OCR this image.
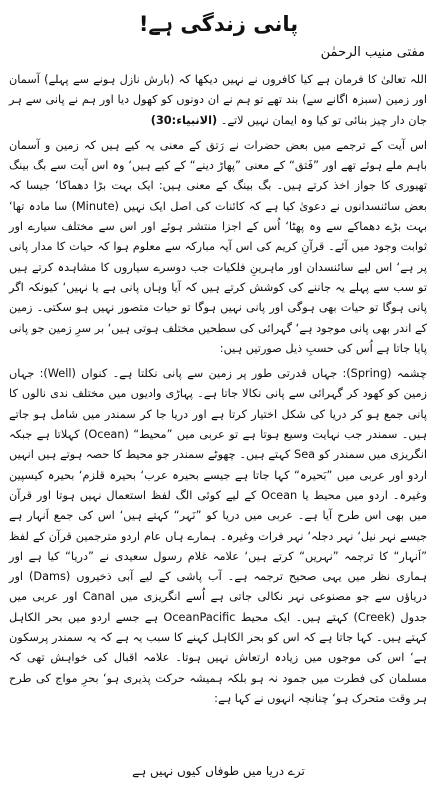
پانی زندگی ہے!
مفتی منیب الرحمٰن

اللہ تعالیٰ کا فرمان ہے کیا کافروں نے نہیں دیکھا کہ (بارش نازل ہونے سے پہلے) آسمان اور زمین (سبزہ اگانے سے) بند تھے تو ہم نے ان دونوں کو کھول دیا اور ہم نے پانی سے ہر جان دار چیز بنائی تو کیا وہ ایمان نہیں لاتے۔ (الانبیاء:30)

اس آیت کے ترجمے میں بعض حضرات نے رَتق کے معنی یہ کیے ہیں کہ زمین و آسمان باہم ملے ہوئے تھے اور ”فَتق“ کے معنی ”پھاڑ دینے“ کے کیے ہیں‘ وہ اس آیت سے بگ بینگ تھیوری کا جواز اخذ کرتے ہیں۔ بگ بینگ کے معنی ہیں: ایک بہت بڑا دھماکا‘ جیسا کہ بعض سائنسدانوں نے دعویٰ کیا ہے کہ کائنات کی اصل ایک نہیں (Minute) سا مادہ تھا‘ بہت بڑے دھماکے سے وہ پھٹا‘ اُس کے اجزا منتشر ہوئے اور اس سے مختلف سیارے اور ثوابت وجود میں آئے۔ قرآنِ کریم کی اس آیہ مبارکہ سے معلوم ہوا کہ حیات کا مدار پانی پر ہے‘ اس لیے سائنسدان اور ماہرینِ فلکیات جب دوسرے سیاروں کا مشاہدہ کرتے ہیں تو سب سے پہلے یہ جاننے کی کوشش کرتے ہیں کہ آیا وہاں پانی ہے یا نہیں‘ کیونکہ اگر پانی ہوگا تو حیات بھی ہوگی اور پانی نہیں ہوگا تو حیات متصور نہیں ہو سکتی۔ زمین کے اندر بھی پانی موجود ہے‘ گہرائی کی سطحیں مختلف ہوتی ہیں‘ بر سرِ زمین جو پانی پایا جاتا ہے اُس کی حسبِ ذیل صورتیں ہیں:

چشمہ (Spring): جہاں قدرتی طور پر زمین سے پانی نکلتا ہے۔ کنواں (Well): جہاں زمین کو کھود کر گہرائی سے پانی نکالا جاتا ہے۔ پہاڑی وادیوں میں مختلف ندی نالوں کا پانی جمع ہو کر دریا کی شکل اختیار کرتا ہے اور دریا جا کر سمندر میں شامل ہو جاتے ہیں۔ سمندر جب نہایت وسیع ہوتا ہے تو عربی میں ”محیط“ (Ocean) کہلاتا ہے جبکہ انگریزی میں سمندر کو Sea کہتے ہیں۔ چھوٹے سمندر جو محیط کا حصہ ہوتے ہیں انہیں اردو اور عربی میں ”بَحیرہ“ کہا جاتا ہے جیسے بحیرہ عرب‘ بحیرہ قلزم‘ بحیرہ کیسپین وغیرہ۔ اردو میں محیط یا Ocean کے لیے کوئی الگ لفظ استعمال نہیں ہوتا اور قرآن میں بھی اس طرح آیا ہے۔ عربی میں دریا کو ”نَہر“ کہتے ہیں‘ اس کی جمع اَنہار ہے جیسے نہر نیل‘ نہر دجلہ‘ نہر فرات وغیرہ۔ ہمارے ہاں عام اردو مترجمین قرآن کے لفظ ”اَنہار“ کا ترجمہ ”نہریں“ کرتے ہیں‘ علامہ غلام رسول سعیدی نے ”دریا“ کیا ہے اور ہماری نظر میں یہی صحیح ترجمہ ہے۔ آب پاشی کے لیے آبی ذخیروں (Dams) اور دریاؤں سے جو مصنوعی نہر نکالی جاتی ہے اُسے انگریزی میں Canal اور عربی میں جدول (Creek) کہتے ہیں۔ ایک محیط OceanPacific ہے جسے اردو میں بحر الکاہل کہتے ہیں۔ کہا جاتا ہے کہ اس کو بحر الکاہل کہنے کا سبب یہ ہے کہ یہ سمندر پرسکون ہے‘ اس کی موجوں میں زیادہ ارتعاش نہیں ہوتا۔ علامہ اقبال کی خواہش تھی کہ مسلمان کی فطرت میں جمود نہ ہو بلکہ ہمیشہ حرکت پذیری ہو‘ بحرِ مواج کی طرح ہر وقت متحرک ہو‘ چنانچہ انہوں نے کہا ہے:

ترے دریا میں طوفاں کیوں نہیں ہے
